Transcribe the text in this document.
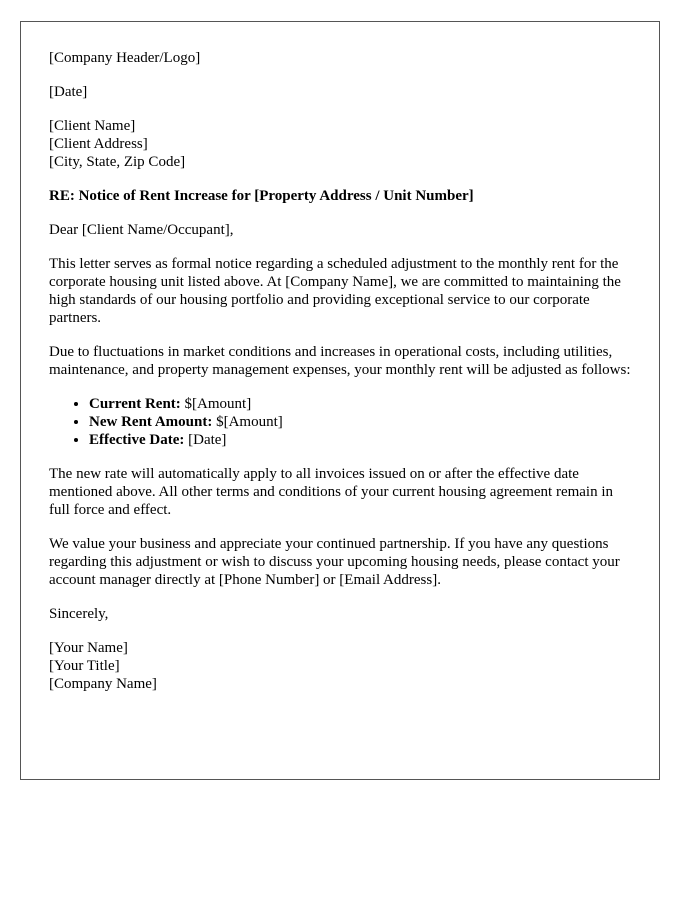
[Company Header/Logo]

[Date]

[Client Name]
[Client Address]
[City, State, Zip Code]

RE: Notice of Rent Increase for [Property Address / Unit Number]

Dear [Client Name/Occupant],

This letter serves as formal notice regarding a scheduled adjustment to the monthly rent for the corporate housing unit listed above. At [Company Name], we are committed to maintaining the high standards of our housing portfolio and providing exceptional service to our corporate partners.

Due to fluctuations in market conditions and increases in operational costs, including utilities, maintenance, and property management expenses, your monthly rent will be adjusted as follows:

• Current Rent: $[Amount]
• New Rent Amount: $[Amount]
• Effective Date: [Date]

The new rate will automatically apply to all invoices issued on or after the effective date mentioned above. All other terms and conditions of your current housing agreement remain in full force and effect.

We value your business and appreciate your continued partnership. If you have any questions regarding this adjustment or wish to discuss your upcoming housing needs, please contact your account manager directly at [Phone Number] or [Email Address].

Sincerely,

[Your Name]
[Your Title]
[Company Name]
